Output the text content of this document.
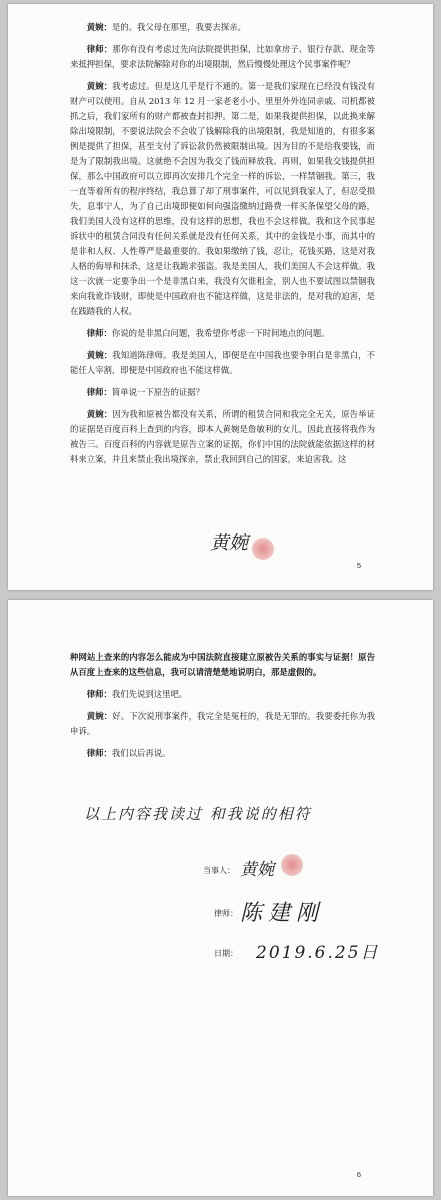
黄婉：是的。我父母在那里，我要去探亲。

律师：那你有没有考虑过先向法院提供担保，比如拿房子、银行存款、现金等来抵押担保，要求法院解除对你的出境限制，然后慢慢处理这个民事案件呢？

黄婉：我考虑过。但是这几乎是行不通的。第一是我们家现在已经没有钱没有财产可以使用。自从 2013 年 12 月一家老老小小、里里外外连同亲戚、司机都被抓之后，我们家所有的财产都被查封扣押。第二是，如果我提供担保，以此换来解除出境限制，不要说法院会不会收了钱解除我的出境限制，我是知道的，有很多案例是提供了担保，甚至支付了诉讼款仍然被限制出境。因为目的不是给我要钱，而是为了限制我出境。这就绝不会因为我交了钱而释放我。再则，如果我交钱提供担保，那么中国政府可以立即再次安排几个完全一样的诉讼，一样禁锢我。第三，我一直等着所有的程序终结，我总算了却了刑事案件，可以见到我家人了，但忍受损失，息事宁人，为了自己出境即便如何向强盗缴纳过路费一样买条保望父母的路，我们美国人没有这样的思维，没有这样的思想，我也不会这样做。我和这个民事起诉状中的租赁合同没有任何关系就是没有任何关系，其中的金钱是小事，而其中的是非和人权、人性尊严是最重要的。我如果缴纳了钱，忍让，花钱买路，这是对我人格的侮辱和抹杀，这是让我跪求强盗。我是美国人，我们美国人不会这样做。我这一次就一定要争出一个是非黑白来，我没有欠谁租金，别人也不要试图以禁锢我来向我讹诈钱财，即使是中国政府也不能这样做，这是非法的，是对我的迫害，是在践踏我的人权。

律师：你说的是非黑白问题，我希望你考虑一下时间地点的问题。

黄婉：我知道陈律师。我是美国人，即便是在中国我也要争明白是非黑白，不能任人宰割，即便是中国政府也不能这样做。

律师：简单说一下原告的证据？

黄婉：因为我和原被告都没有关系，所谓的租赁合同和我完全无关，原告举证的证据是百度百科上查到的内容，即本人黄婉是詹敏利的女儿，因此直接将我作为被告三。百度百科的内容就是原告立案的证据，你们中国的法院就能依据这样的材料来立案，并且来禁止我出境探亲，禁止我回到自己的国家，来迫害我。这

5

种网站上查来的内容怎么能成为中国法院直接建立原被告关系的事实与证据！原告从百度上查来的这些信息，我可以请清楚楚地说明白，那是虚假的。

律师：我们先说到这里吧。

黄婉：好。下次说刑事案件，我完全是冤枉的，我是无罪的。我要委托你为我申诉。

律师：我们以后再说。

6
黄婉
以上内容我读过 和我说的相符
当事人： 黄婉
律师： 陈建刚
日期： 2019.6.25日
